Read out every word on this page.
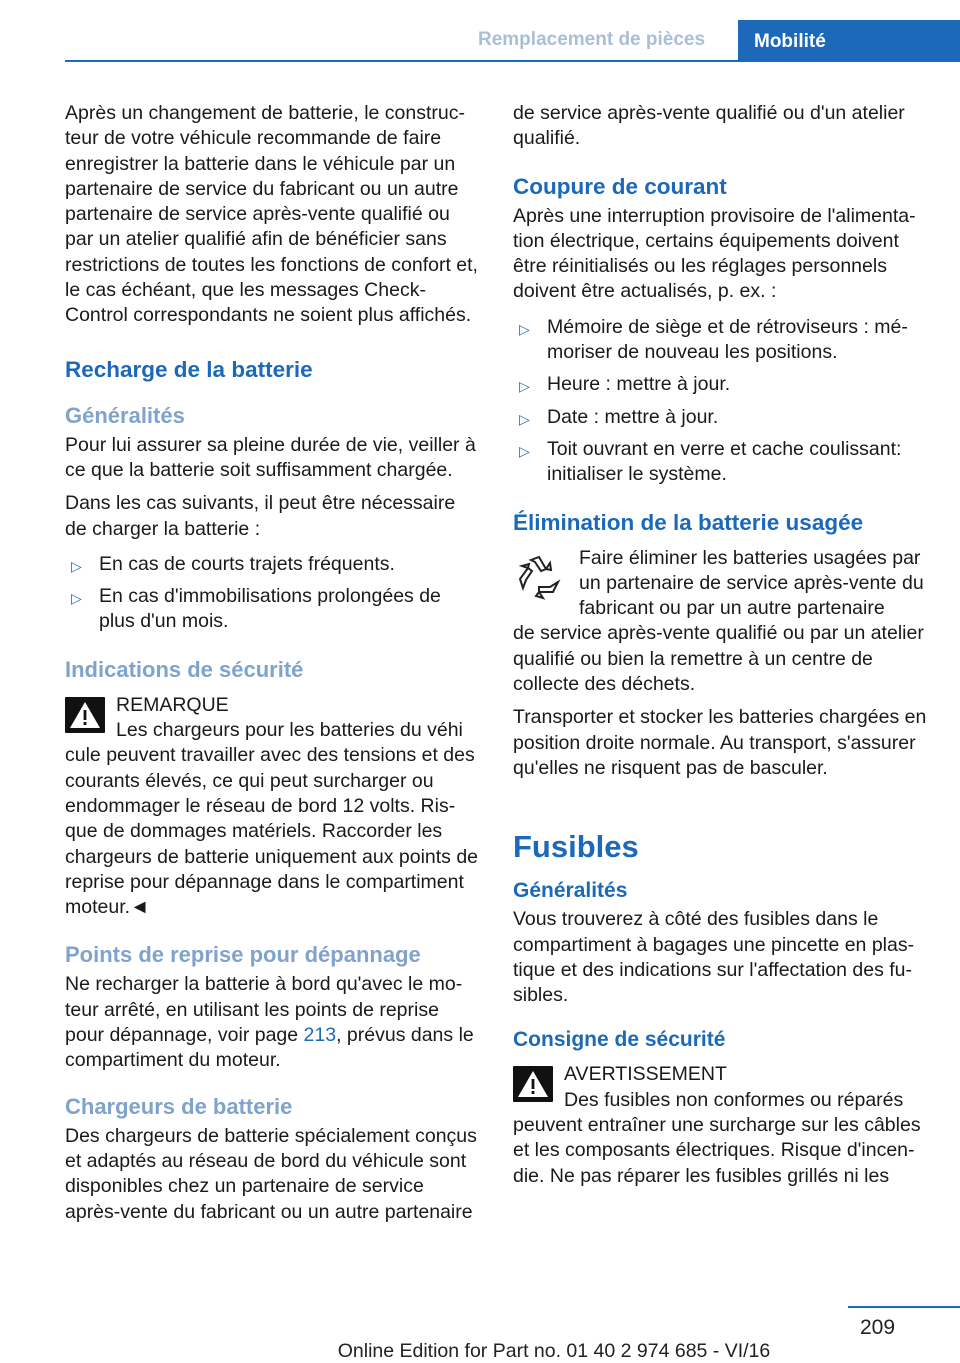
Remplacement de pièces	Mobilité

Après un changement de batterie, le constructeur de votre véhicule recommande de faire enregistrer la batterie dans le véhicule par un partenaire de service du fabricant ou un autre partenaire de service après-vente qualifié ou par un atelier qualifié afin de bénéficier sans restrictions de toutes les fonctions de confort et, le cas échéant, que les messages Check-Control correspondants ne soient plus affichés.

Recharge de la batterie
Généralités

Pour lui assurer sa pleine durée de vie, veiller à ce que la batterie soit suffisamment chargée.

Dans les cas suivants, il peut être nécessaire de charger la batterie :

▷ En cas de courts trajets fréquents.
▷ En cas d'immobilisations prolongées de plus d'un mois.
Indications de sécurité

REMARQUE

Les chargeurs pour les batteries du véhi

cule peuvent travailler avec des tensions et des courants élevés, ce qui peut surcharger ou endommager le réseau de bord 12 volts. Risque de dommages matériels. Raccorder les chargeurs de batterie uniquement aux points de reprise pour dépannage dans le compartiment moteur.◄

Points de reprise pour dépannage

Ne recharger la batterie à bord qu'avec le moteur arrêté, en utilisant les points de reprise pour dépannage, voir page 213, prévus dans le compartiment du moteur.

Chargeurs de batterie

Des chargeurs de batterie spécialement conçus et adaptés au réseau de bord du véhicule sont disponibles chez un partenaire de service après-vente du fabricant ou un autre partenaire

de service après-vente qualifié ou d'un atelier qualifié.

Coupure de courant

Après une interruption provisoire de l'alimentation électrique, certains équipements doivent être réinitialisés ou les réglages personnels doivent être actualisés, p. ex. :

▷ Mémoire de siège et de rétroviseurs : mémoriser de nouveau les positions.
▷ Heure : mettre à jour.
▷ Date : mettre à jour.
▷ Toit ouvrant en verre et cache coulissant: initialiser le système.
Élimination de la batterie usagée

Faire éliminer les batteries usagées par un partenaire de service après-vente du fabricant ou par un autre partenaire

de service après-vente qualifié ou par un atelier qualifié ou bien la remettre à un centre de collecte des déchets.

Transporter et stocker les batteries chargées en position droite normale. Au transport, s'assurer qu'elles ne risquent pas de basculer.

Fusibles
Généralités

Vous trouverez à côté des fusibles dans le compartiment à bagages une pincette en plastique et des indications sur l'affectation des fusibles.

Consigne de sécurité

AVERTISSEMENT

Des fusibles non conformes ou réparés

peuvent entraîner une surcharge sur les câbles et les composants électriques. Risque d'incendie. Ne pas réparer les fusibles grillés ni les

209
Online Edition for Part no. 01 40 2 974 685 - VI/16
